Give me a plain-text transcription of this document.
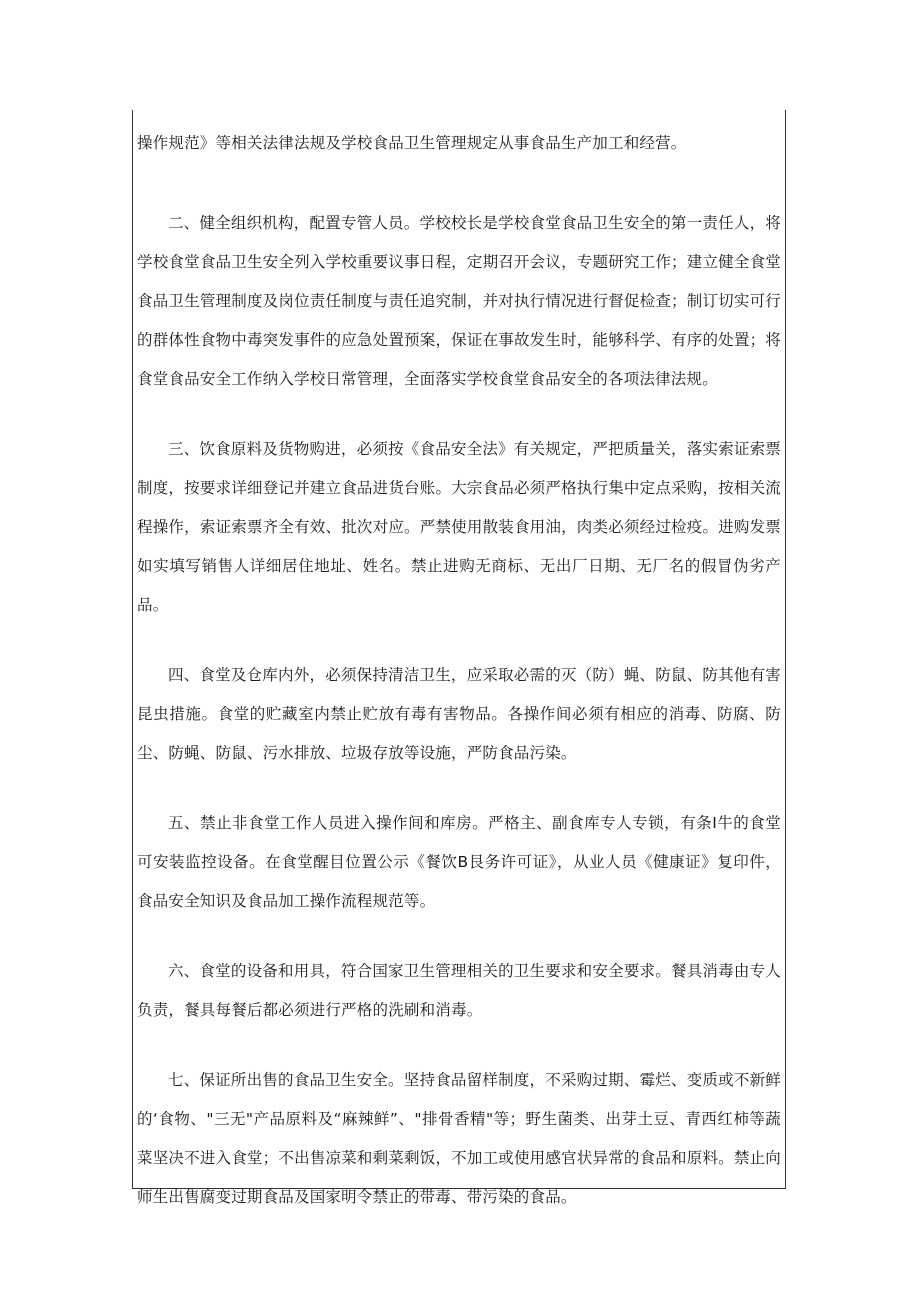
操作规范》等相关法律法规及学校食品卫生管理规定从事食品生产加工和经营。

二、健全组织机构，配置专管人员。学校校长是学校食堂食品卫生安全的第一责任人，将学校食堂食品卫生安全列入学校重要议事日程，定期召开会议，专题研究工作；建立健全食堂食品卫生管理制度及岗位责任制度与责任追究制，并对执行情况进行督促检查；制订切实可行的群体性食物中毒突发事件的应急处置预案，保证在事故发生时，能够科学、有序的处置；将食堂食品安全工作纳入学校日常管理，全面落实学校食堂食品安全的各项法律法规。

三、饮食原料及货物购进，必须按《食品安全法》有关规定，严把质量关，落实索证索票制度，按要求详细登记并建立食品进货台账。大宗食品必须严格执行集中定点采购，按相关流程操作，索证索票齐全有效、批次对应。严禁使用散装食用油，肉类必须经过检疫。进购发票如实填写销售人详细居住地址、姓名。禁止进购无商标、无出厂日期、无厂名的假冒伪劣产品。

四、食堂及仓库内外，必须保持清洁卫生，应采取必需的灭（防）蝇、防鼠、防其他有害昆虫措施。食堂的贮藏室内禁止贮放有毒有害物品。各操作间必须有相应的消毒、防腐、防尘、防蝇、防鼠、污水排放、垃圾存放等设施，严防食品污染。

五、禁止非食堂工作人员进入操作间和库房。严格主、副食库专人专锁，有条I牛的食堂可安装监控设备。在食堂醒目位置公示《餐饮B艮务许可证》，从业人员《健康证》复印件，食品安全知识及食品加工操作流程规范等。

六、食堂的设备和用具，符合国家卫生管理相关的卫生要求和安全要求。餐具消毒由专人负责，餐具每餐后都必须进行严格的洗刷和消毒。

七、保证所出售的食品卫生安全。坚持食品留样制度，不采购过期、霉烂、变质或不新鲜的‘食物、"三无"产品原料及“麻辣鲜”、"排骨香精"等；野生菌类、出芽土豆、青西红柿等蔬菜坚决不进入食堂；不出售凉菜和剩菜剩饭，不加工或使用感官状异常的食品和原料。禁止向师生出售腐变过期食品及国家明令禁止的带毒、带污染的食品。
